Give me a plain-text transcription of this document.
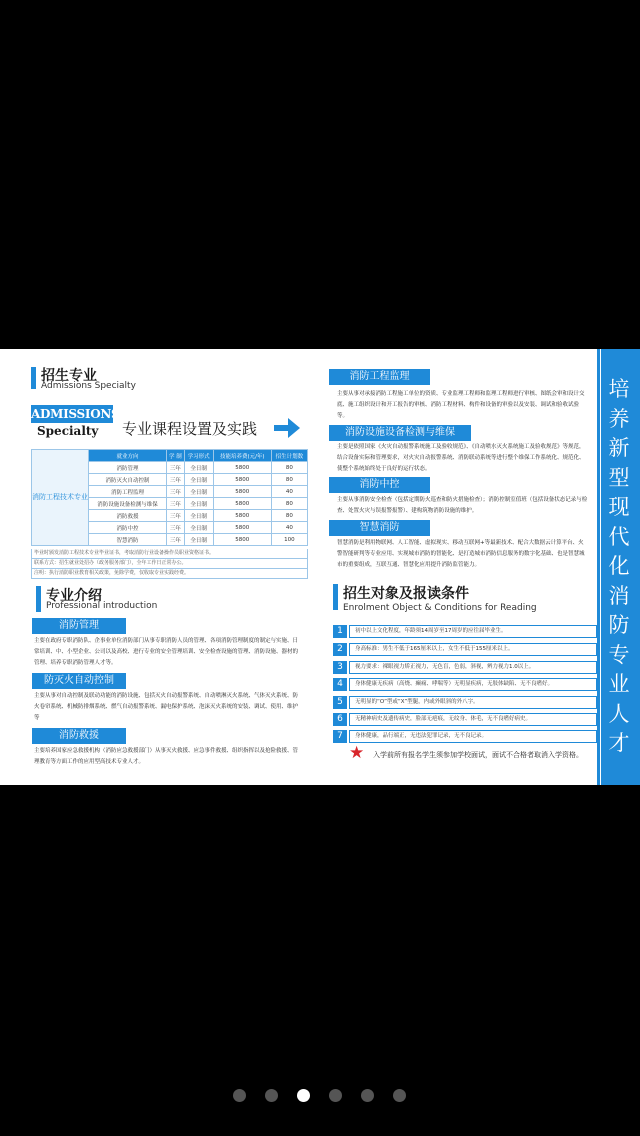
招生专业
Admissions Specialty
ADMISSIONS
Specialty 专业课程设置及实践
消防工程技术专业	就业方向	学 制	学习形式	技能培养费(元/年)	招生计划数
	消防管理	三年	全日制	5800	80
	消防灭火自动控制	三年	全日制	5800	80
	消防工程监理	三年	全日制	5800	40
	消防设施设备检测与维保	三年	全日制	5800	80
	消防救援	三年	全日制	5800	80
	消防中控	三年	全日制	5800	40
	智慧消防	三年	全日制	5800	100
毕业时颁发消防工程技术专业毕业证书，考取消防行业设备操作员职业资格证书。
联系方式：招生就业处招办（政务服务部门），全年工作日正常办公。
注明：执行消防职业教育相关政策，免除学费，仅收取专业实践经费。
专业介绍
Professional introduction
消防管理
主要在政府专职消防队、企事业单位消防部门从事专职消防人员的管理、各项消防管理制度的制定与实施、日常培训、中、小型企业、公司以及高校、进行专业的安全管理培训、安全检查设施的管理、消防设施、器材的管理、培养专职消防管理人才等。
防灭火自动控制
主要从事对自动控制及联动功能的消防设施、包括灭火自动报警系统、自动喷淋灭火系统、气体灭火系统、防火卷帘系统、机械防排烟系统、燃气自动报警系统、漏电保护系统、泡沫灭火系统的安装、调试、使用、维护等
消防救援
主要培养国家应急救援机构（消防应急救援部门）从事灭火救援、应急事件救援、组织指挥以及抢险救援、管理教育等方面工作的应用型高技术专业人才。
消防工程监理
主要从事对承接消防工程施工单位的资质、专业监理工程师和监理工程师进行审核、图纸会审和设计交底、施工组织设计和开工报告的审核、消防工程材料、构件和设备的审验以及安装、调试和验收试验等。
消防设施设备检测与维保
主要是依照国家《火灾自动报警系统施工及验收规范》、《自动喷水灭火系统施工及验收规范》等规范，结合设备实际和管理要求，对火灾自动报警系统、消防联动系统等进行整个维保工作系统化、规范化、使整个系统始终处于良好的运行状态。
消防中控
主要从事消防安全检查（包括定期防火巡查和防火措施检查）；消防控制室值班（包括设备状态记录与检查、处置火灾与误报警报警）、建构筑物消防设施的维护。
智慧消防
智慧消防是利用物联网、人工智能、虚拟现实、移动互联网+等最新技术、配合大数据云计算平台、火警智能研判等专业应用、实现城市消防的智能化、是打造城市消防信息服务的数字化基础、也是智慧城市的重要组成，互联互通、智慧化应用提升消防监管能力。
招生对象及报读条件
Enrolment Object & Conditions for Reading
1	初中以上文化程度，年龄须14周岁至17周岁的应往届毕业生。
2	身高标准：男生不低于165厘米以上，女生不低于155厘米以上。
3	视力要求：裸眼视力矫正视力，无色盲，色弱，斜视，辨力视力1.0以上。
4	身体健康无疾病（高烧、癫痫、哮喘等）无明显疾病，无肢体缺陷、无不良嗜好。
5	无明显的“O”型或“X”型腿，内或外眼斜的外八字。
6	无精神病史及遗传病史，脸部无疤痕，无纹身、体毛，无不良嗜好病史。
7	身体健康，品行端正，无违法犯罪记录，无不良记录。
★ 入学前所有报名学生须参加学校面试，面试不合格者取消入学资格。
培养新型现代化消防专业人才
